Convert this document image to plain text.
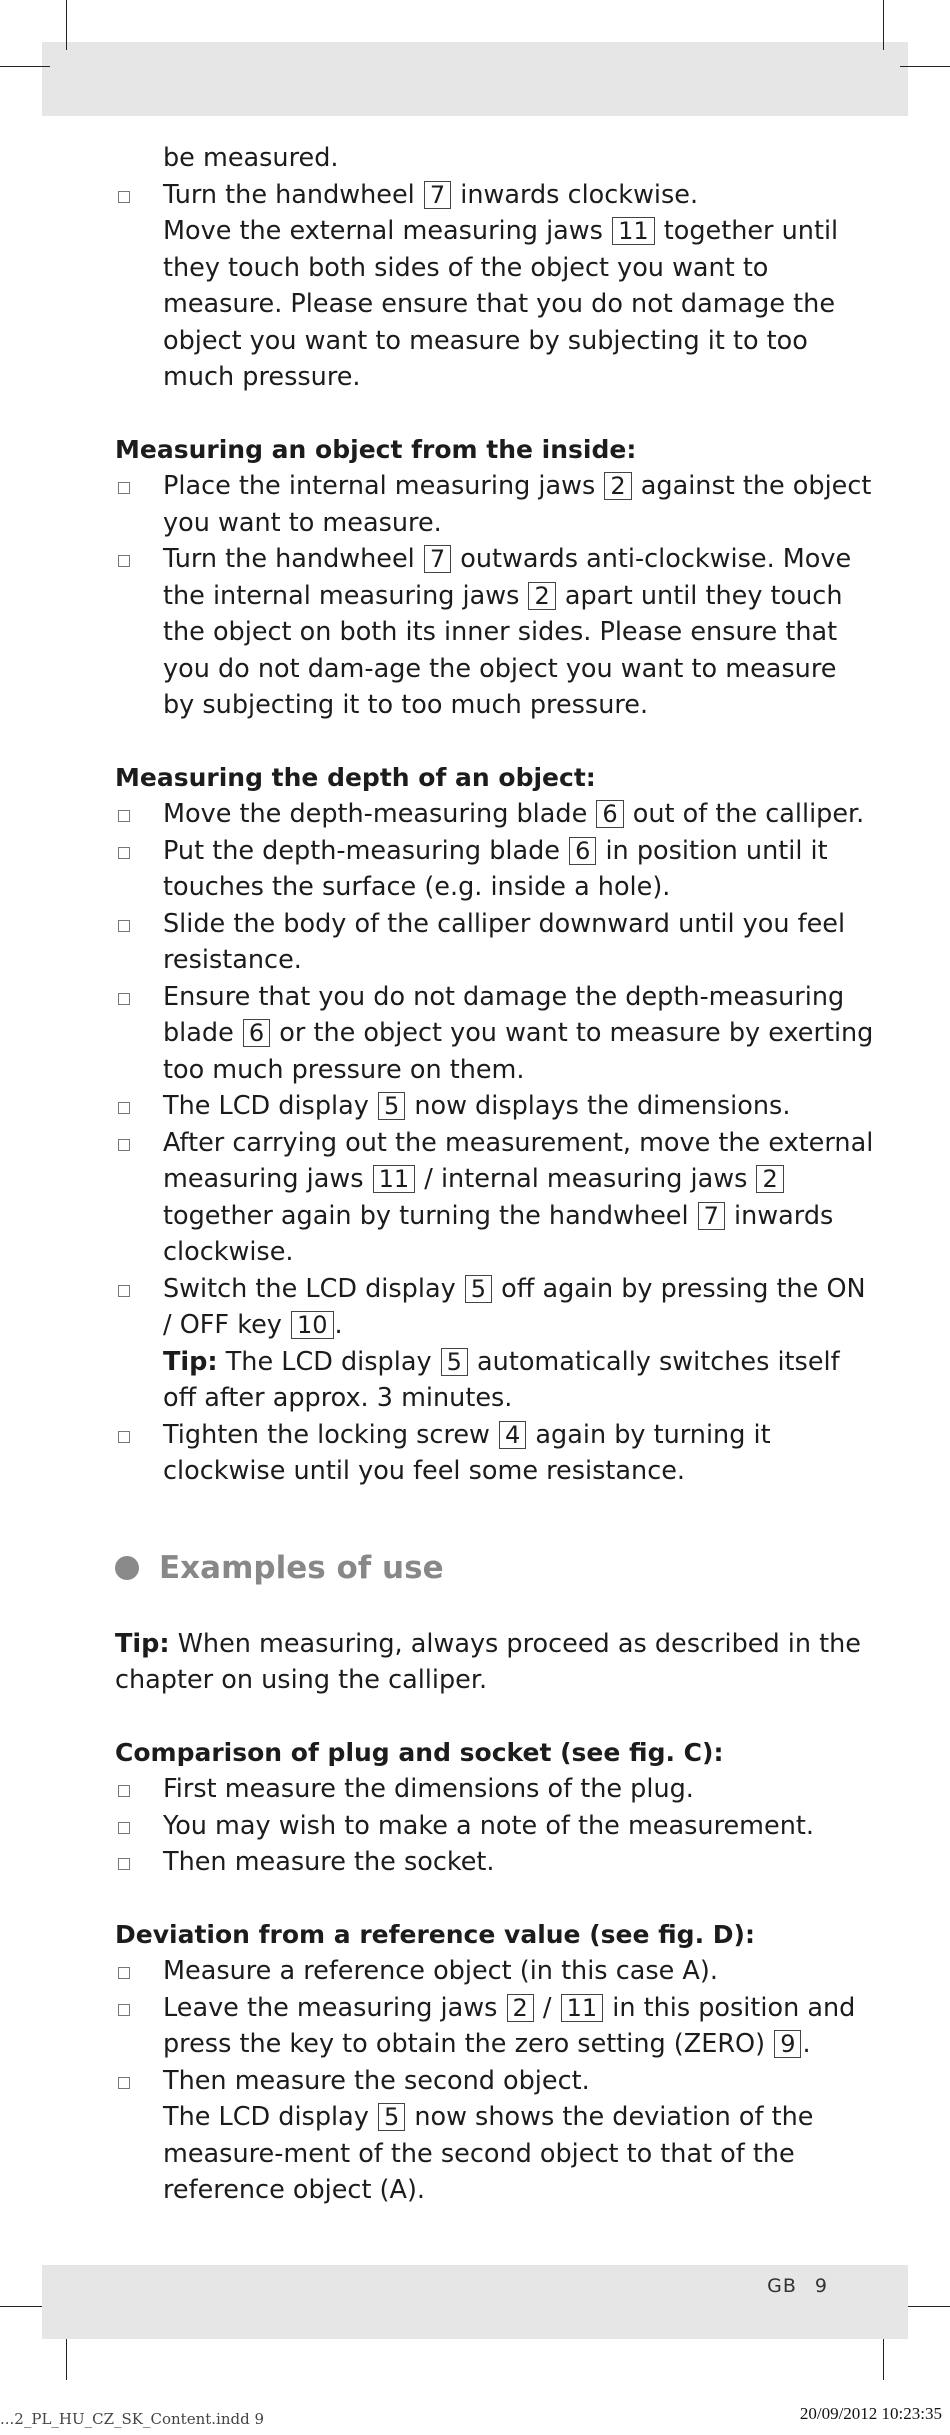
be measured.
Turn the handwheel 7 inwards clockwise.
Move the external measuring jaws 11 together until they touch both sides of the object you want to measure. Please ensure that you do not damage the object you want to measure by subjecting it to too much pressure.
Measuring an object from the inside:
Place the internal measuring jaws 2 against the object you want to measure.
Turn the handwheel 7 outwards anti-clockwise. Move the internal measuring jaws 2 apart until they touch the object on both its inner sides. Please ensure that you do not dam-age the object you want to measure by subjecting it to too much pressure.
Measuring the depth of an object:
Move the depth-measuring blade 6 out of the calliper.
Put the depth-measuring blade 6 in position until it touches the surface (e.g. inside a hole).
Slide the body of the calliper downward until you feel resistance.
Ensure that you do not damage the depth-measuring blade 6 or the object you want to measure by exerting too much pressure on them.
The LCD display 5 now displays the dimensions.
After carrying out the measurement, move the external measuring jaws 11 / internal measuring jaws 2 together again by turning the handwheel 7 inwards clockwise.
Switch the LCD display 5 off again by pressing the ON / OFF key 10 .
Tip: The LCD display 5 automatically switches itself off after approx. 3 minutes.
Tighten the locking screw 4 again by turning it clockwise until you feel some resistance.
Examples of use
Tip: When measuring, always proceed as described in the chapter on using the calliper.
Comparison of plug and socket (see fig. C):
First measure the dimensions of the plug.
You may wish to make a note of the measurement.
Then measure the socket.
Deviation from a reference value (see fig. D):
Measure a reference object (in this case A).
Leave the measuring jaws 2 / 11 in this position and press the key to obtain the zero setting (ZERO) 9 .
Then measure the second object.
The LCD display 5 now shows the deviation of the measure-ment of the second object to that of the reference object (A).
GB 9
...2_PL_HU_CZ_SK_Content.indd 9	20/09/2012 10:23:35
